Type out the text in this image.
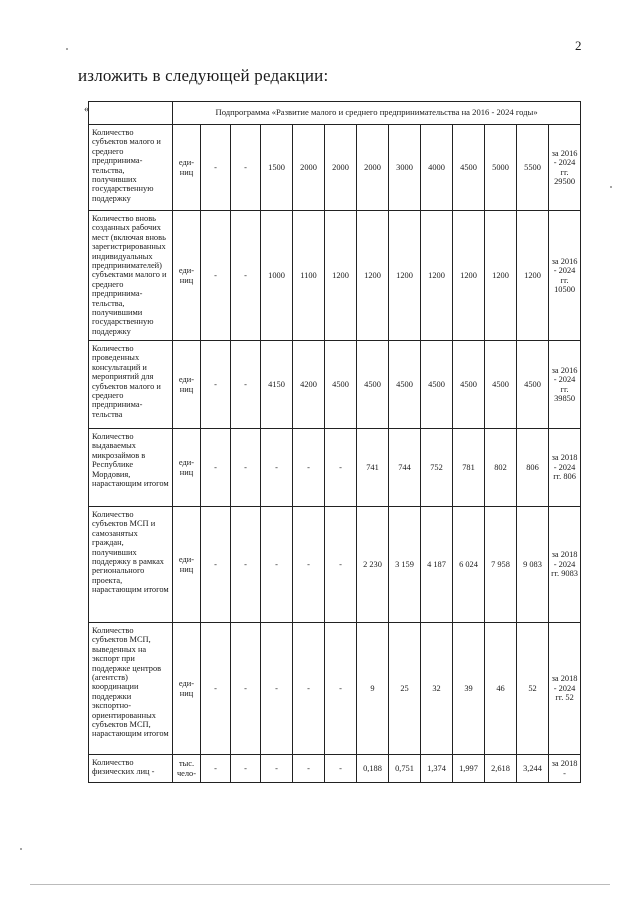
2
изложить в следующей редакции:
«
		Подпрограмма «Развитие малого и среднего предпринимательства на 2016 - 2024 годы»												
Количество субъектов малого и среднего предпринима-тельства, получивших государственную поддержку	еди-ниц	-	-	1500	2000	2000	2000	3000	4000	4500	5000	5500	за 2016 - 2024 гг. 29500
Количество вновь созданных рабочих мест (включая вновь зарегистрированных индивидуальных предпринимателей) субъектами малого и среднего предпринима-тельства, получившими государственную поддержку	еди-ниц	-	-	1000	1100	1200	1200	1200	1200	1200	1200	1200	за 2016 - 2024 гг. 10500
Количество проведенных консультаций и мероприятий для субъектов малого и среднего предпринима-тельства	еди-ниц	-	-	4150	4200	4500	4500	4500	4500	4500	4500	4500	за 2016 - 2024 гг. 39850
Количество выдаваемых микрозаймов в Республике Мордовия, нарастающим итогом	еди-ниц	-	-	-	-	-	741	744	752	781	802	806	за 2018 - 2024 гг. 806
Количество субъектов МСП и самозанятых граждан, получивших поддержку в рамках регионального проекта, нарастающим итогом	еди-ниц	-	-	-	-	-	2 230	3 159	4 187	6 024	7 958	9 083	за 2018 - 2024 гг. 9083
Количество субъектов МСП, выведенных на экспорт при поддержке центров (агентств) координации поддержки экспортно-ориентированных субъектов МСП, нарастающим итогом	еди-ниц	-	-	-	-	-	9	25	32	39	46	52	за 2018 - 2024 гг. 52
Количество физических лиц -	тыс. чело-	-	-	-	-	-	0,188	0,751	1,374	1,997	2,618	3,244	за 2018 -
